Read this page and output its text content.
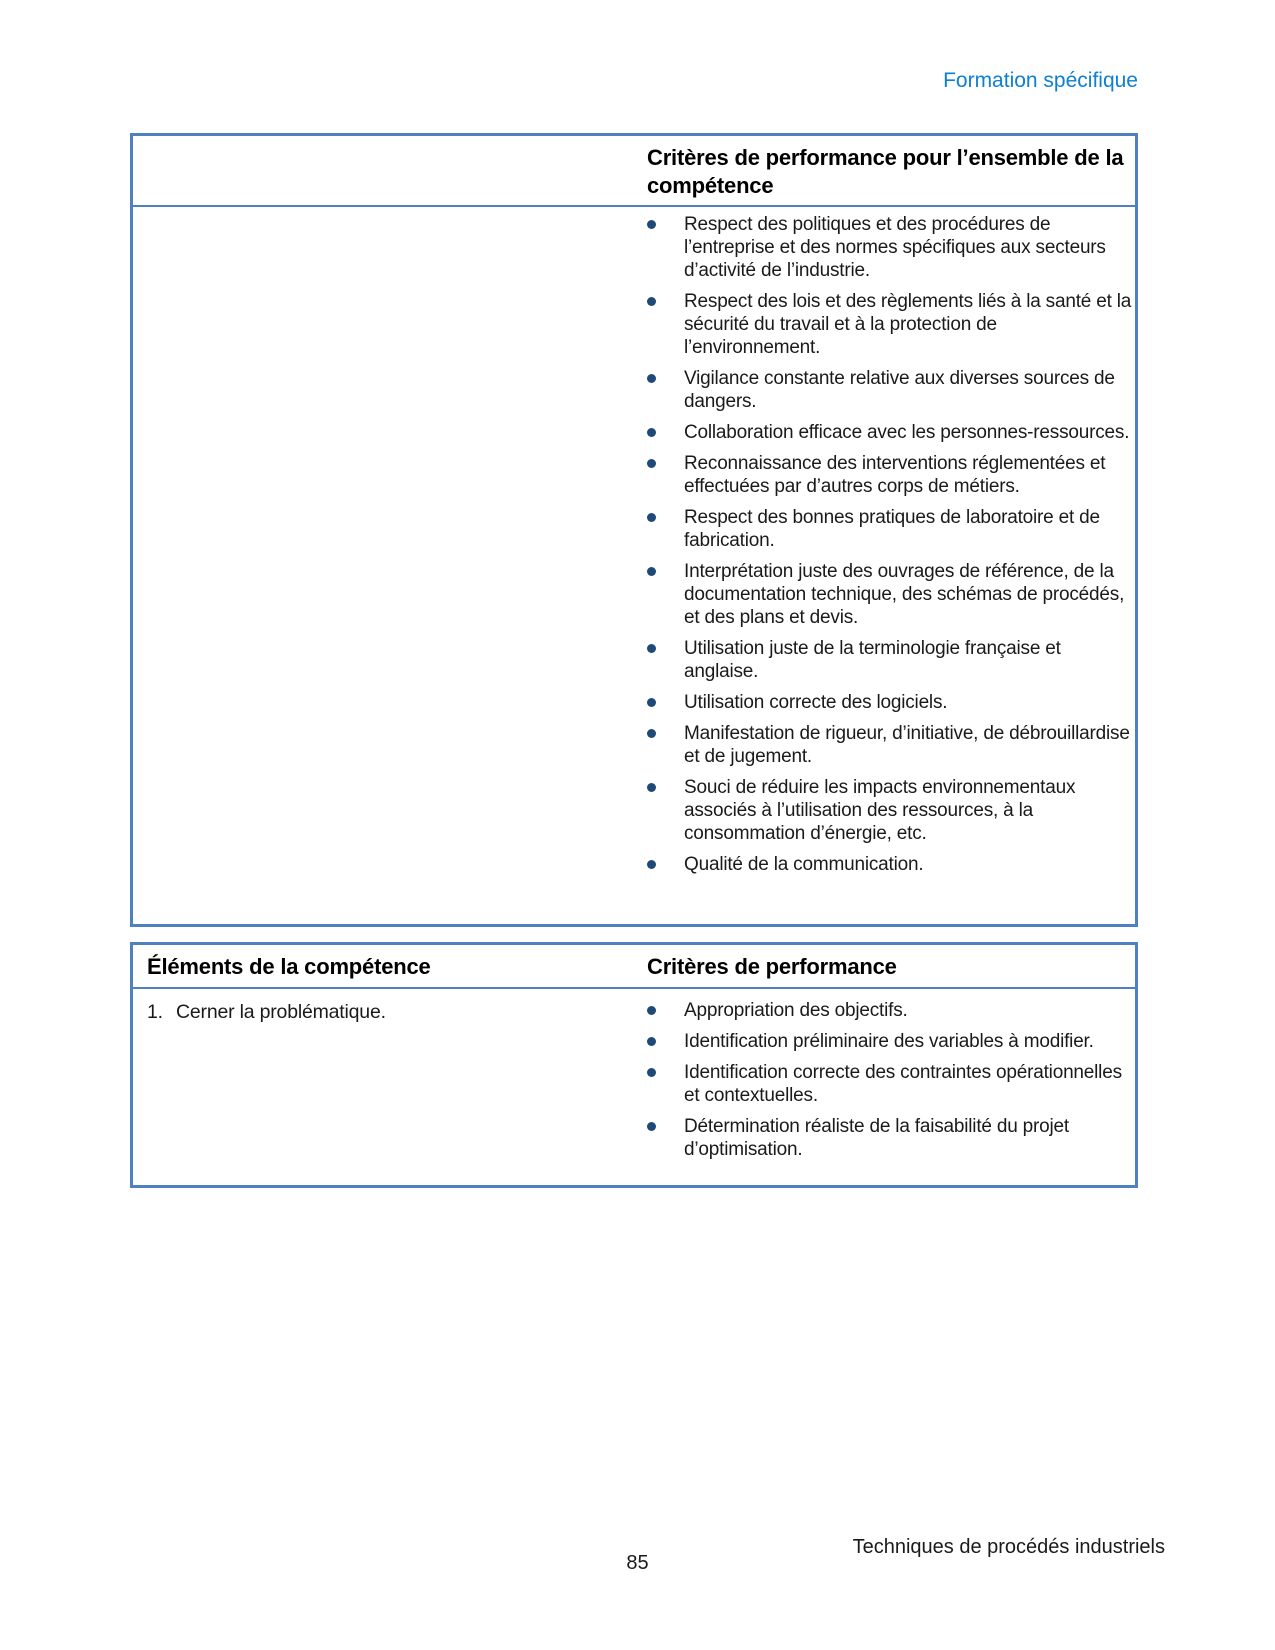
Formation spécifique
Critères de performance pour l’ensemble de la compétence
Respect des politiques et des procédures de l’entreprise et des normes spécifiques aux secteurs d’activité de l’industrie.
Respect des lois et des règlements liés à la santé et la sécurité du travail et à la protection de l’environnement.
Vigilance constante relative aux diverses sources de dangers.
Collaboration efficace avec les personnes-ressources.
Reconnaissance des interventions réglementées et effectuées par d’autres corps de métiers.
Respect des bonnes pratiques de laboratoire et de fabrication.
Interprétation juste des ouvrages de référence, de la documentation technique, des schémas de procédés, et des plans et devis.
Utilisation juste de la terminologie française et anglaise.
Utilisation correcte des logiciels.
Manifestation de rigueur, d’initiative, de débrouillardise et de jugement.
Souci de réduire les impacts environnementaux associés à l’utilisation des ressources, à la consommation d’énergie, etc.
Qualité de la communication.
Éléments de la compétence	Critères de performance
1. Cerner la problématique.	Appropriation des objectifs.
Identification préliminaire des variables à modifier.
Identification correcte des contraintes opérationnelles et contextuelles.
Détermination réaliste de la faisabilité du projet d’optimisation.
Techniques de procédés industriels
85
